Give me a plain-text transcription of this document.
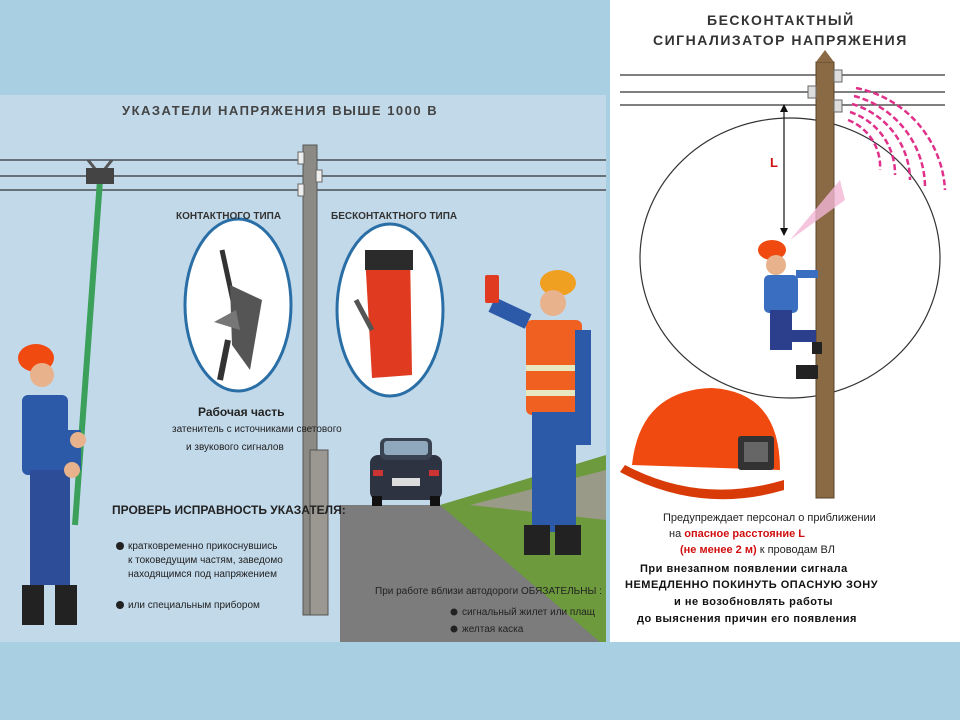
УКАЗАТЕЛИ НАПРЯЖЕНИЯ ВЫШЕ 1000 В
КОНТАКТНОГО ТИПА	БЕСКОНТАКТНОГО ТИПА
Рабочая часть
затенитель с источниками светового
и звукового сигналов
ПРОВЕРЬ ИСПРАВНОСТЬ УКАЗАТЕЛЯ:
кратковременно прикоснувшись
к токоведущим частям, заведомо
находящимся под напряжением
или специальным прибором
При работе вблизи автодороги ОБЯЗАТЕЛЬНЫ :
сигнальный жилет или плащ
желтая каска
БЕСКОНТАКТНЫЙ
СИГНАЛИЗАТОР НАПРЯЖЕНИЯ
L
Предупреждает персонал о приближении
на опасное расстояние L
(не менее 2 м) к проводам ВЛ
При внезапном появлении сигнала
НЕМЕДЛЕННО ПОКИНУТЬ ОПАСНУЮ ЗОНУ
и не возобновлять работы
до выяснения причин его появления
